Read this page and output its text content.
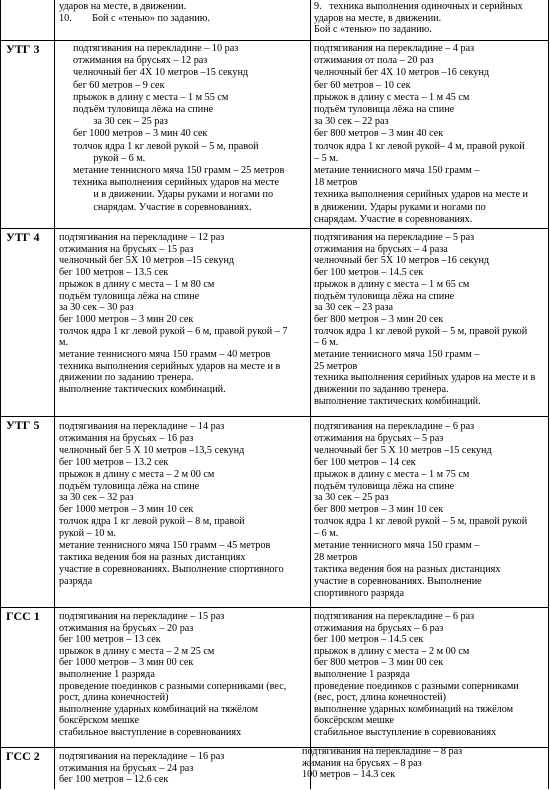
ударов на месте, в движении.
10.        Бой с «тенью» по заданию.
9.   техника выполнения одиночных и серийных
ударов на месте, в движении.
Бой с «тенью» по заданию.
УТГ 3	подтягивания на перекладине – 10 раз
отжимания на брусьях – 12 раз
челночный бег 4Х 10 метров –15 секунд
бег 60 метров – 9 сек
прыжок в длину с места – 1 м 55 см
подъём туловища лёжа на спине
за 30 сек – 25 раз
бег 1000 метров – 3 мин 40 сек
толчок ядра 1 кг левой рукой – 5 м, правой
рукой – 6 м.
метание теннисного мяча 150 грамм – 25 метров
техника выполнения серийных ударов на месте
и в движении. Удары руками и ногами по
снарядам. Участие в соревнованиях.
подтягивания на перекладине – 4 раз
отжимания от пола – 20 раз
челночный бег 4Х 10 метров –16 секунд
бег 60 метров – 10 сек
прыжок в длину с места – 1 м 45 см
подъём туловища лёжа на спине
за 30 сек – 22 раз
бег 800 метров – 3 мин 40 сек
толчок ядра 1 кг левой рукой– 4 м, правой рукой
– 5 м.
метание теннисного мяча 150 грамм –
18 метров
техника выполнения серийных ударов на месте и
в движении. Удары руками и ногами по
снарядам. Участие в соревнованиях.
УТГ 4 подтягивания на перекладине – 12 раз
отжимания на брусьях – 15 раз
челночный бег 5Х 10 метров –15 секунд
бег 100 метров – 13.5 сек
прыжок в длину с места – 1 м 80 см
подъём туловища лёжа на спине
за 30 сек – 30 раз
бег 1000 метров – 3 мин 20 сек
толчок ядра 1 кг левой рукой – 6 м, правой рукой – 7
м.
метание теннисного мяча 150 грамм – 40 метров
техника выполнения серийных ударов на месте и в
движении по заданию тренера.
выполнение тактических комбинаций.
подтягивания на перекладине – 5 раз
отжимания на брусьях – 4 раза
челночный бег 5Х 10 метров –16 секунд
бег 100 метров – 14.5 сек
прыжок в длину с места – 1 м 65 см
подъём туловища лёжа на спине
за 30 сек – 23 раза
бег 800 метров – 3 мин 20 сек
толчок ядра 1 кг левой рукой – 5 м, правой рукой
– 6 м.
метание теннисного мяча 150 грамм –
25 метров
техника выполнения серийных ударов на месте и в
движении по заданию тренера.
выполнение тактических комбинаций.
УТГ 5 подтягивания на перекладине – 14 раз
отжимания на брусьях – 16 раз
челночный бег 5 Х 10 метров –13,5 секунд
бег 100 метров – 13.2 сек
прыжок в длину с места – 2 м 00 см
подъём туловища лёжа на спине
за 30 сек – 32 раз
бег 1000 метров – 3 мин 10 сек
толчок ядра 1 кг левой рукой – 8 м, правой
рукой – 10 м.
метание теннисного мяча 150 грамм – 45 метров
тактика ведения боя на разных дистанциях
участие в соревнованиях. Выполнение спортивного
разряда
подтягивания на перекладине – 6 раз
отжимания на брусьях – 5 раз
челночный бег 5 Х 10 метров –15 секунд
бег 100 метров – 14 сек
прыжок в длину с места – 1 м 75 см
подъём туловища лёжа на спине
за 30 сек – 25 раз
бег 800 метров – 3 мин 10 сек
толчок ядра 1 кг левой рукой – 5 м, правой рукой
– 6 м.
метание теннисного мяча 150 грамм –
28 метров
тактика ведения боя на разных дистанциях
участие в соревнованиях. Выполнение
спортивного разряда
ГСС 1 подтягивания на перекладине – 15 раз
отжимания на брусьях – 20 раз
бег 100 метров – 13 сек
прыжок в длину с места – 2 м 25 см
бег 1000 метров – 3 мин 00 сек
выполнение 1 разряда
проведение поединков с разными соперниками (вес,
рост, длина конечностей)
выполнение ударных комбинаций на тяжёлом
боксёрском мешке
стабильное выступление в соревнованиях
подтягивания на перекладине – 6 раз
отжимания на брусьях – 6 раз
бег 100 метров – 14.5 сек
прыжок в длину с места – 2 м 00 см
бег 800 метров – 3 мин 00 сек
выполнение 1 разряда
проведение поединков с разными соперниками
(вес, рост, длина конечностей)
выполнение ударных комбинаций на тяжёлом
боксёрском мешке
стабильное выступление в соревнованиях
ГСС 2 подтягивания на перекладине – 16 раз
отжимания на брусьях – 24 раз
бег 100 метров – 12.6 сек
подтягивания на перекладине – 8 раз
жимания на брусьях – 8 раз
100 метров – 14.3 сек
